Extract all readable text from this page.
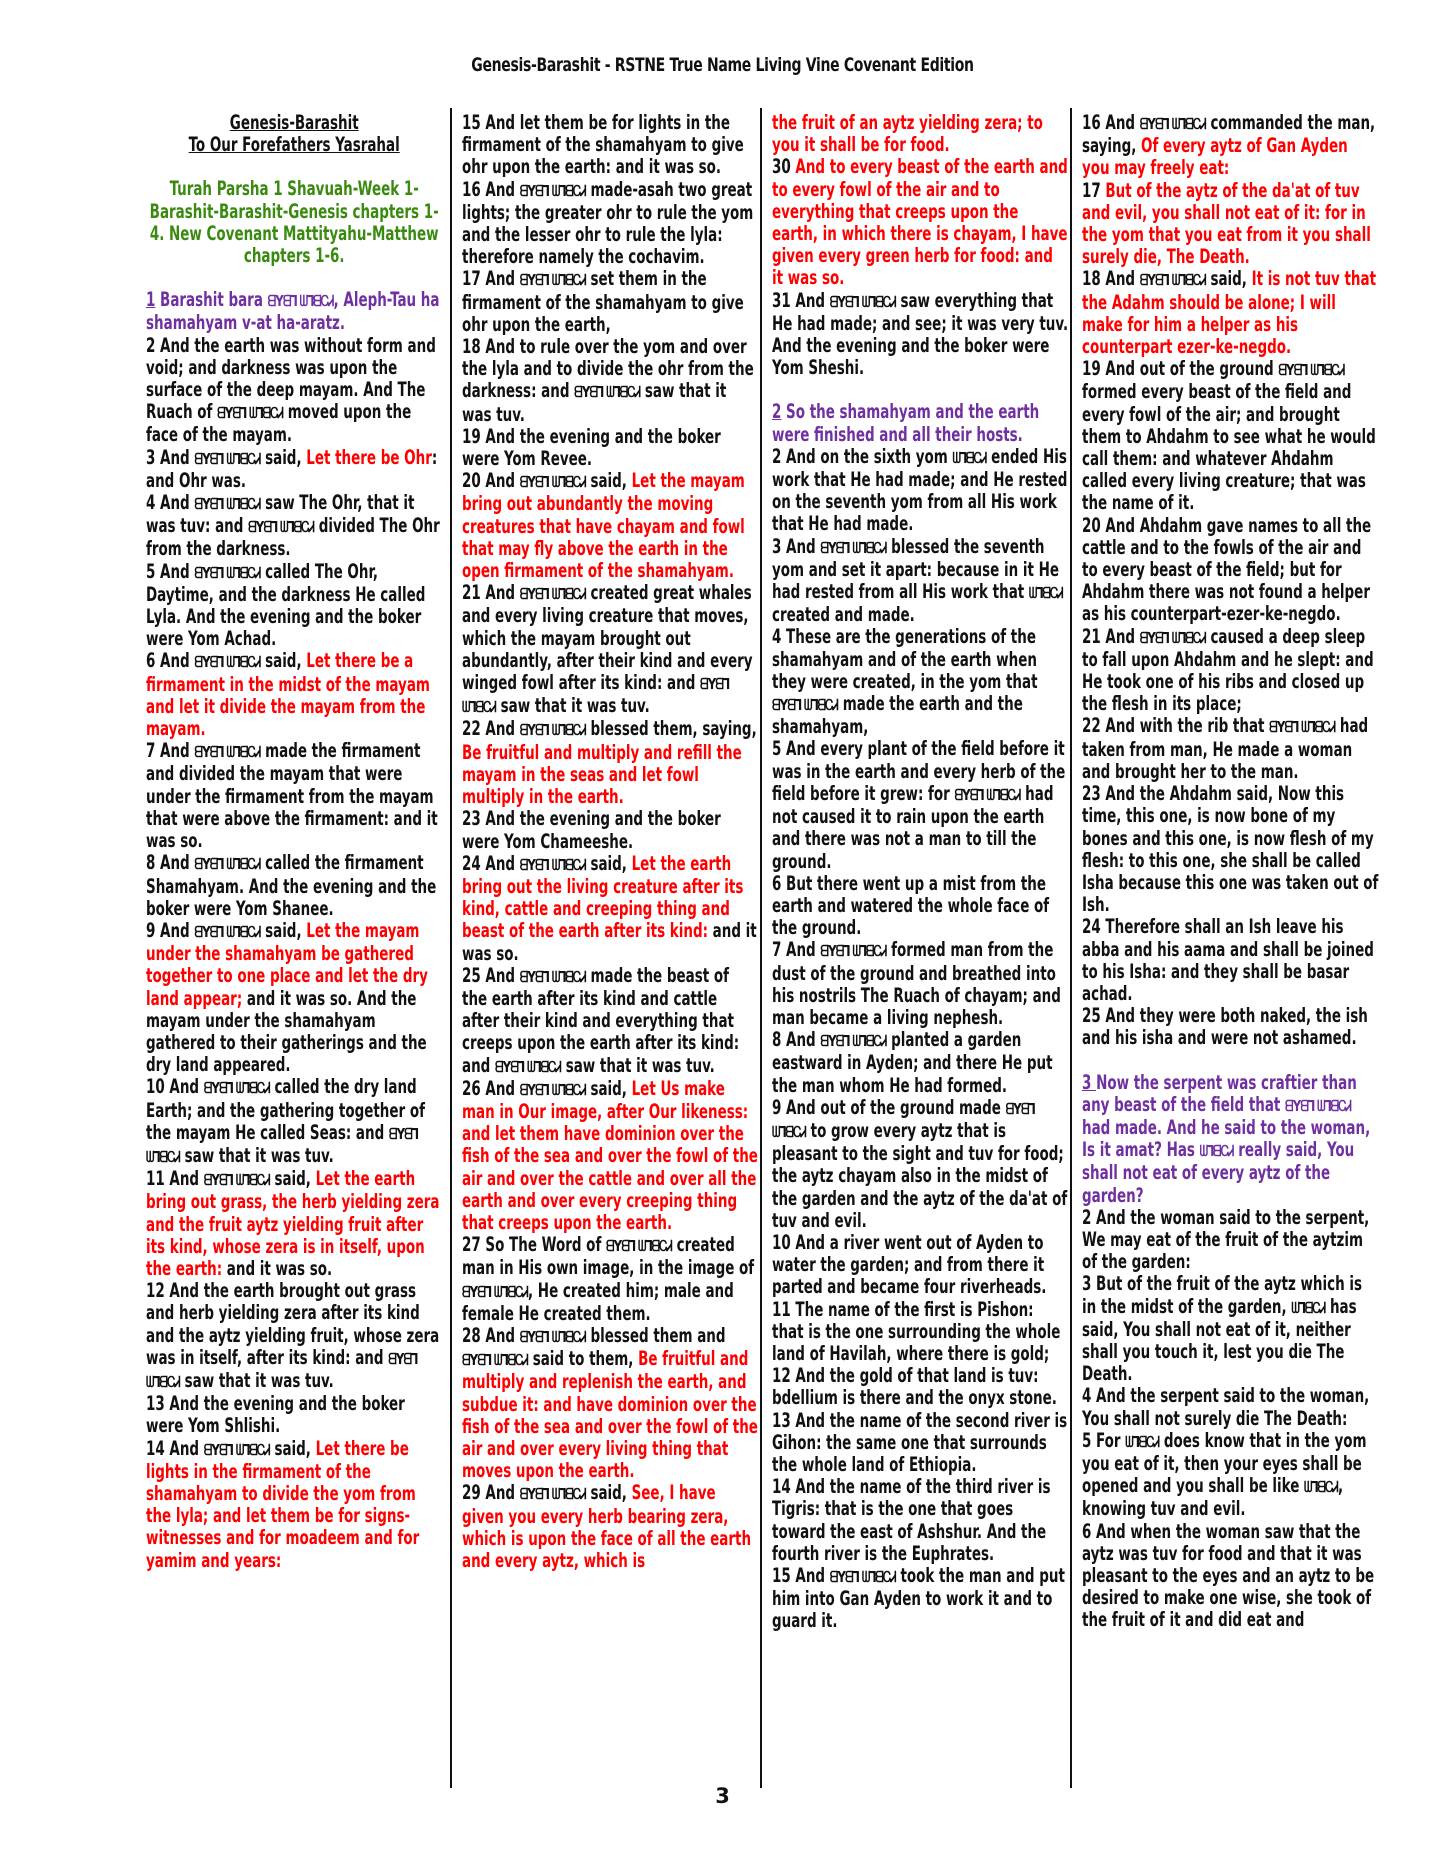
Genesis-Barashit - RSTNE True Name Living Vine Covenant Edition
Genesis-Barashit
To Our Forefathers Yasrahal
Turah Parsha 1 Shavuah-Week 1-Barashit-Barashit-Genesis chapters 1-4. New Covenant Mattityahu-Matthew chapters 1-6.
1 Barashit bara ᗺYᗺꓶ ᗯꓶᗺᏟᏗ, Aleph-Tau ha shamahyam v-at ha-aratz.
2 And the earth was without form and void; and darkness was upon the surface of the deep mayam. And The Ruach of ᗺYᗺꓶ ᗯꓶᗺᏟᏗ moved upon the face of the mayam.
3 And ᗺYᗺꓶ ᗯꓶᗺᏟᏗ said, Let there be Ohr: and Ohr was.
4 And ᗺYᗺꓶ ᗯꓶᗺᏟᏗ saw The Ohr, that it was tuv: and ᗺYᗺꓶ ᗯꓶᗺᏟᏗ divided The Ohr from the darkness.
5 And ᗺYᗺꓶ ᗯꓶᗺᏟᏗ called The Ohr, Daytime, and the darkness He called Lyla. And the evening and the boker were Yom Achad.
6 And ᗺYᗺꓶ ᗯꓶᗺᏟᏗ said, Let there be a firmament in the midst of the mayam and let it divide the mayam from the mayam.
7 And ᗺYᗺꓶ ᗯꓶᗺᏟᏗ made the firmament and divided the mayam that were under the firmament from the mayam that were above the firmament: and it was so.
8 And ᗺYᗺꓶ ᗯꓶᗺᏟᏗ called the firmament Shamahyam. And the evening and the boker were Yom Shanee.
9 And ᗺYᗺꓶ ᗯꓶᗺᏟᏗ said, Let the mayam under the shamahyam be gathered together to one place and let the dry land appear; and it was so. And the mayam under the shamahyam gathered to their gatherings and the dry land appeared.
10 And ᗺYᗺꓶ ᗯꓶᗺᏟᏗ called the dry land Earth; and the gathering together of the mayam He called Seas: and ᗺYᗺꓶ ᗯꓶᗺᏟᏗ saw that it was tuv.
11 And ᗺYᗺꓶ ᗯꓶᗺᏟᏗ said, Let the earth bring out grass, the herb yielding zera and the fruit aytz yielding fruit after its kind, whose zera is in itself, upon the earth: and it was so.
12 And the earth brought out grass and herb yielding zera after its kind and the aytz yielding fruit, whose zera was in itself, after its kind: and ᗺYᗺꓶ ᗯꓶᗺᏟᏗ saw that it was tuv.
13 And the evening and the boker were Yom Shlishi.
14 And ᗺYᗺꓶ ᗯꓶᗺᏟᏗ said, Let there be lights in the firmament of the shamahyam to divide the yom from the lyla; and let them be for signs-witnesses and for moadeem and for yamim and years:
15 And let them be for lights in the firmament of the shamahyam to give ohr upon the earth: and it was so.
16 And ᗺYᗺꓶ ᗯꓶᗺᏟᏗ made-asah two great lights; the greater ohr to rule the yom and the lesser ohr to rule the lyla: therefore namely the cochavim.
17 And ᗺYᗺꓶ ᗯꓶᗺᏟᏗ set them in the firmament of the shamahyam to give ohr upon the earth,
18 And to rule over the yom and over the lyla and to divide the ohr from the darkness: and ᗺYᗺꓶ ᗯꓶᗺᏟᏗ saw that it was tuv.
19 And the evening and the boker were Yom Revee.
20 And ᗺYᗺꓶ ᗯꓶᗺᏟᏗ said, Let the mayam bring out abundantly the moving creatures that have chayam and fowl that may fly above the earth in the open firmament of the shamahyam.
21 And ᗺYᗺꓶ ᗯꓶᗺᏟᏗ created great whales and every living creature that moves, which the mayam brought out abundantly, after their kind and every winged fowl after its kind: and ᗺYᗺꓶ ᗯꓶᗺᏟᏗ saw that it was tuv.
22 And ᗺYᗺꓶ ᗯꓶᗺᏟᏗ blessed them, saying, Be fruitful and multiply and refill the mayam in the seas and let fowl multiply in the earth.
23 And the evening and the boker were Yom Chameeshe.
24 And ᗺYᗺꓶ ᗯꓶᗺᏟᏗ said, Let the earth bring out the living creature after its kind, cattle and creeping thing and beast of the earth after its kind: and it was so.
25 And ᗺYᗺꓶ ᗯꓶᗺᏟᏗ made the beast of the earth after its kind and cattle after their kind and everything that creeps upon the earth after its kind: and ᗺYᗺꓶ ᗯꓶᗺᏟᏗ saw that it was tuv.
26 And ᗺYᗺꓶ ᗯꓶᗺᏟᏗ said, Let Us make man in Our image, after Our likeness: and let them have dominion over the fish of the sea and over the fowl of the air and over the cattle and over all the earth and over every creeping thing that creeps upon the earth.
27 So The Word of ᗺYᗺꓶ ᗯꓶᗺᏟᏗ created man in His own image, in the image of ᗺYᗺꓶ ᗯꓶᗺᏟᏗ, He created him; male and female He created them.
28 And ᗺYᗺꓶ ᗯꓶᗺᏟᏗ blessed them and ᗺYᗺꓶ ᗯꓶᗺᏟᏗ said to them, Be fruitful and multiply and replenish the earth, and subdue it: and have dominion over the fish of the sea and over the fowl of the air and over every living thing that moves upon the earth.
29 And ᗺYᗺꓶ ᗯꓶᗺᏟᏗ said, See, I have given you every herb bearing zera, which is upon the face of all the earth and every aytz, which is
the fruit of an aytz yielding zera; to you it shall be for food.
30 And to every beast of the earth and to every fowl of the air and to everything that creeps upon the earth, in which there is chayam, I have given every green herb for food: and it was so.
31 And ᗺYᗺꓶ ᗯꓶᗺᏟᏗ saw everything that He had made; and see; it was very tuv. And the evening and the boker were Yom Sheshi.
2 So the shamahyam and the earth were finished and all their hosts.
2 And on the sixth yom ᗯꓶᗺᏟᏗ ended His work that He had made; and He rested on the seventh yom from all His work that He had made.
3 And ᗺYᗺꓶ ᗯꓶᗺᏟᏗ blessed the seventh yom and set it apart: because in it He had rested from all His work that ᗯꓶᗺᏟᏗ created and made.
4 These are the generations of the shamahyam and of the earth when they were created, in the yom that ᗺYᗺꓶ ᗯꓶᗺᏟᏗ made the earth and the shamahyam,
5 And every plant of the field before it was in the earth and every herb of the field before it grew: for ᗺYᗺꓶ ᗯꓶᗺᏟᏗ had not caused it to rain upon the earth and there was not a man to till the ground.
6 But there went up a mist from the earth and watered the whole face of the ground.
7 And ᗺYᗺꓶ ᗯꓶᗺᏟᏗ formed man from the dust of the ground and breathed into his nostrils The Ruach of chayam; and man became a living nephesh.
8 And ᗺYᗺꓶ ᗯꓶᗺᏟᏗ planted a garden eastward in Ayden; and there He put the man whom He had formed.
9 And out of the ground made ᗺYᗺꓶ ᗯꓶᗺᏟᏗ to grow every aytz that is pleasant to the sight and tuv for food; the aytz chayam also in the midst of the garden and the aytz of the da'at of tuv and evil.
10 And a river went out of Ayden to water the garden; and from there it parted and became four riverheads.
11 The name of the first is Pishon: that is the one surrounding the whole land of Havilah, where there is gold;
12 And the gold of that land is tuv: bdellium is there and the onyx stone.
13 And the name of the second river is Gihon: the same one that surrounds the whole land of Ethiopia.
14 And the name of the third river is Tigris: that is the one that goes toward the east of Ashshur. And the fourth river is the Euphrates.
15 And ᗺYᗺꓶ ᗯꓶᗺᏟᏗ took the man and put him into Gan Ayden to work it and to guard it.
16 And ᗺYᗺꓶ ᗯꓶᗺᏟᏗ commanded the man, saying, Of every aytz of Gan Ayden you may freely eat:
17 But of the aytz of the da'at of tuv and evil, you shall not eat of it: for in the yom that you eat from it you shall surely die, The Death.
18 And ᗺYᗺꓶ ᗯꓶᗺᏟᏗ said, It is not tuv that the Adahm should be alone; I will make for him a helper as his counterpart ezer-ke-negdo.
19 And out of the ground ᗺYᗺꓶ ᗯꓶᗺᏟᏗ formed every beast of the field and every fowl of the air; and brought them to Ahdahm to see what he would call them: and whatever Ahdahm called every living creature; that was the name of it.
20 And Ahdahm gave names to all the cattle and to the fowls of the air and to every beast of the field; but for Ahdahm there was not found a helper as his counterpart-ezer-ke-negdo.
21 And ᗺYᗺꓶ ᗯꓶᗺᏟᏗ caused a deep sleep to fall upon Ahdahm and he slept: and He took one of his ribs and closed up the flesh in its place;
22 And with the rib that ᗺYᗺꓶ ᗯꓶᗺᏟᏗ had taken from man, He made a woman and brought her to the man.
23 And the Ahdahm said, Now this time, this one, is now bone of my bones and this one, is now flesh of my flesh: to this one, she shall be called Isha because this one was taken out of Ish.
24 Therefore shall an Ish leave his abba and his aama and shall be joined to his Isha: and they shall be basar achad.
25 And they were both naked, the ish and his isha and were not ashamed.
3 Now the serpent was craftier than any beast of the field that ᗺYᗺꓶ ᗯꓶᗺᏟᏗ had made. And he said to the woman, Is it amat? Has ᗯꓶᗺᏟᏗ really said, You shall not eat of every aytz of the garden?
2 And the woman said to the serpent, We may eat of the fruit of the aytzim of the garden:
3 But of the fruit of the aytz which is in the midst of the garden, ᗯꓶᗺᏟᏗ has said, You shall not eat of it, neither shall you touch it, lest you die The Death.
4 And the serpent said to the woman, You shall not surely die The Death:
5 For ᗯꓶᗺᏟᏗ does know that in the yom you eat of it, then your eyes shall be opened and you shall be like ᗯꓶᗺᏟᏗ, knowing tuv and evil.
6 And when the woman saw that the aytz was tuv for food and that it was pleasant to the eyes and an aytz to be desired to make one wise, she took of the fruit of it and did eat and
3
